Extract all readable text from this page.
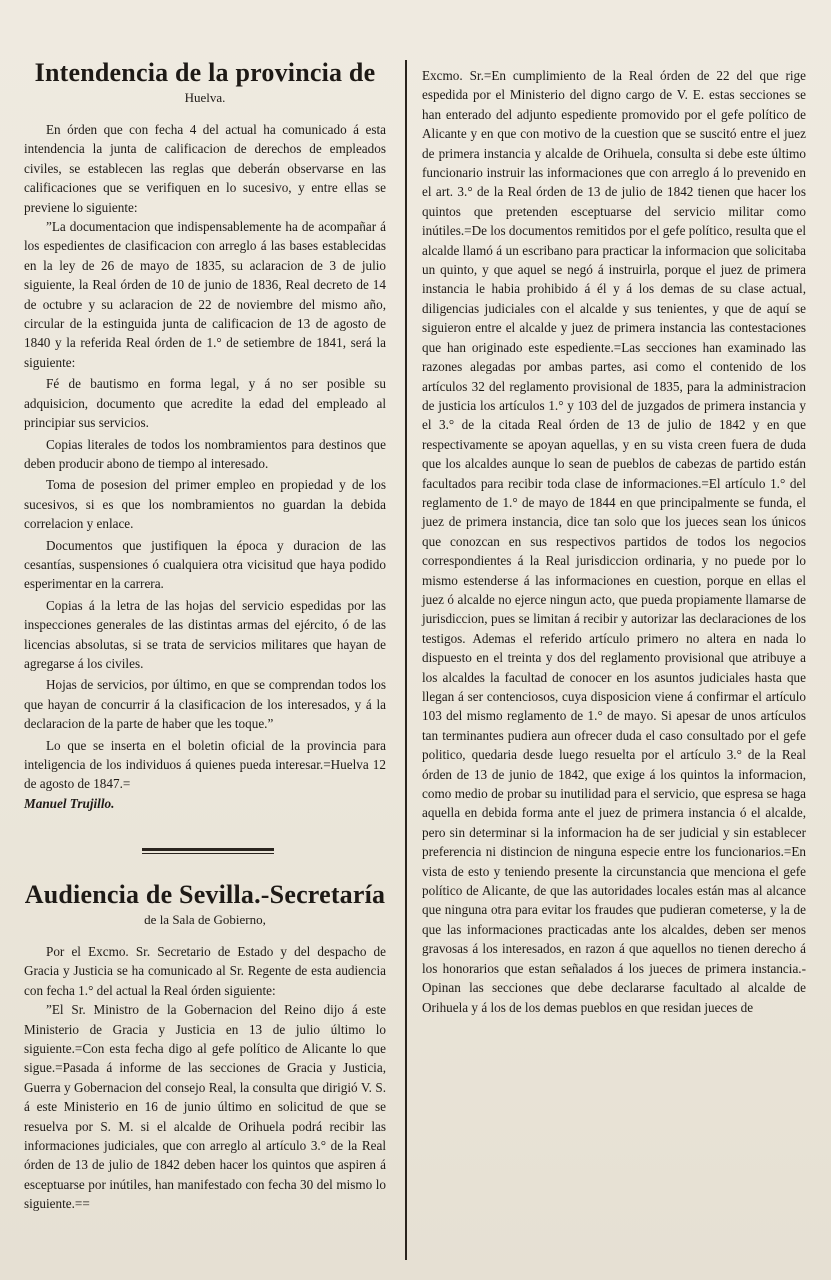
Intendencia de la provincia de
Huelva.

En órden que con fecha 4 del actual ha comunicado á esta intendencia la junta de calificacion de derechos de empleados civiles, se establecen las reglas que deberán observarse en las calificaciones que se verifiquen en lo sucesivo, y entre ellas se previene lo siguiente:

”La documentacion que indispensablemente ha de acompañar á los espedientes de clasificacion con arreglo á las bases establecidas en la ley de 26 de mayo de 1835, su aclaracion de 3 de julio siguiente, la Real órden de 10 de junio de 1836, Real decreto de 14 de octubre y su aclaracion de 22 de noviembre del mismo año, circular de la estinguida junta de calificacion de 13 de agosto de 1840 y la referida Real órden de 1.° de setiembre de 1841, será la siguiente:

Fé de bautismo en forma legal, y á no ser posible su adquisicion, documento que acredite la edad del empleado al principiar sus servicios.

Copias literales de todos los nombramientos para destinos que deben producir abono de tiempo al interesado.

Toma de posesion del primer empleo en propiedad y de los sucesivos, si es que los nombramientos no guardan la debida correlacion y enlace.

Documentos que justifiquen la época y duracion de las cesantías, suspensiones ó cualquiera otra vicisitud que haya podido esperimentar en la carrera.

Copias á la letra de las hojas del servicio espedidas por las inspecciones generales de las distintas armas del ejército, ó de las licencias absolutas, si se trata de servicios militares que hayan de agregarse á los civiles.

Hojas de servicios, por último, en que se comprendan todos los que hayan de concurrir á la clasificacion de los interesados, y á la declaracion de la parte de haber que les toque.”

Lo que se inserta en el boletin oficial de la provincia para inteligencia de los individuos á quienes pueda interesar.=Huelva 12 de agosto de 1847.=

Manuel Trujillo.

Audiencia de Sevilla.-Secretaría
de la Sala de Gobierno,

Por el Excmo. Sr. Secretario de Estado y del despacho de Gracia y Justicia se ha comunicado al Sr. Regente de esta audiencia con fecha 1.° del actual la Real órden siguiente:

”El Sr. Ministro de la Gobernacion del Reino dijo á este Ministerio de Gracia y Justicia en 13 de julio último lo siguiente.=Con esta fecha digo al gefe político de Alicante lo que sigue.=Pasada á informe de las secciones de Gracia y Justicia, Guerra y Gobernacion del consejo Real, la consulta que dirigió V. S. á este Ministerio en 16 de junio último en solicitud de que se resuelva por S. M. si el alcalde de Orihuela podrá recibir las informaciones judiciales, que con arreglo al artículo 3.° de la Real órden de 13 de julio de 1842 deben hacer los quintos que aspiren á esceptuarse por inútiles, han manifestado con fecha 30 del mismo lo siguiente.==

Excmo. Sr.=En cumplimiento de la Real órden de 22 del que rige espedida por el Ministerio del digno cargo de V. E. estas secciones se han enterado del adjunto espediente promovido por el gefe político de Alicante y en que con motivo de la cuestion que se suscitó entre el juez de primera instancia y alcalde de Orihuela, consulta si debe este último funcionario instruir las informaciones que con arreglo á lo prevenido en el art. 3.° de la Real órden de 13 de julio de 1842 tienen que hacer los quintos que pretenden esceptuarse del servicio militar como inútiles.=De los documentos remitidos por el gefe político, resulta que el alcalde llamó á un escribano para practicar la informacion que solicitaba un quinto, y que aquel se negó á instruirla, porque el juez de primera instancia le habia prohibido á él y á los demas de su clase actual, diligencias judiciales con el alcalde y sus tenientes, y que de aquí se siguieron entre el alcalde y juez de primera instancia las contestaciones que han originado este espediente.=Las secciones han examinado las razones alegadas por ambas partes, asi como el contenido de los artículos 32 del reglamento provisional de 1835, para la administracion de justicia los artículos 1.° y 103 del de juzgados de primera instancia y el 3.° de la citada Real órden de 13 de julio de 1842 y en que respectivamente se apoyan aquellas, y en su vista creen fuera de duda que los alcaldes aunque lo sean de pueblos de cabezas de partido están facultados para recibir toda clase de informaciones.=El artículo 1.° del reglamento de 1.° de mayo de 1844 en que principalmente se funda, el juez de primera instancia, dice tan solo que los jueces sean los únicos que conozcan en sus respectivos partidos de todos los negocios correspondientes á la Real jurisdiccion ordinaria, y no puede por lo mismo estenderse á las informaciones en cuestion, porque en ellas el juez ó alcalde no ejerce ningun acto, que pueda propiamente llamarse de jurisdiccion, pues se limitan á recibir y autorizar las declaraciones de los testigos. Ademas el referido artículo primero no altera en nada lo dispuesto en el treinta y dos del reglamento provisional que atribuye a los alcaldes la facultad de conocer en los asuntos judiciales hasta que llegan á ser contenciosos, cuya disposicion viene á confirmar el artículo 103 del mismo reglamento de 1.° de mayo. Si apesar de unos artículos tan terminantes pudiera aun ofrecer duda el caso consultado por el gefe politico, quedaria desde luego resuelta por el artículo 3.° de la Real órden de 13 de junio de 1842, que exige á los quintos la informacion, como medio de probar su inutilidad para el servicio, que espresa se haga aquella en debida forma ante el juez de primera instancia ó el alcalde, pero sin determinar si la informacion ha de ser judicial y sin establecer preferencia ni distincion de ninguna especie entre los funcionarios.=En vista de esto y teniendo presente la circunstancia que menciona el gefe político de Alicante, de que las autoridades locales están mas al alcance que ninguna otra para evitar los fraudes que pudieran cometerse, y la de que las informaciones practicadas ante los alcaldes, deben ser menos gravosas á los interesados, en razon á que aquellos no tienen derecho á los honorarios que estan señalados á los jueces de primera instancia.- Opinan las secciones que debe declararse facultado al alcalde de Orihuela y á los de los demas pueblos en que residan jueces de
